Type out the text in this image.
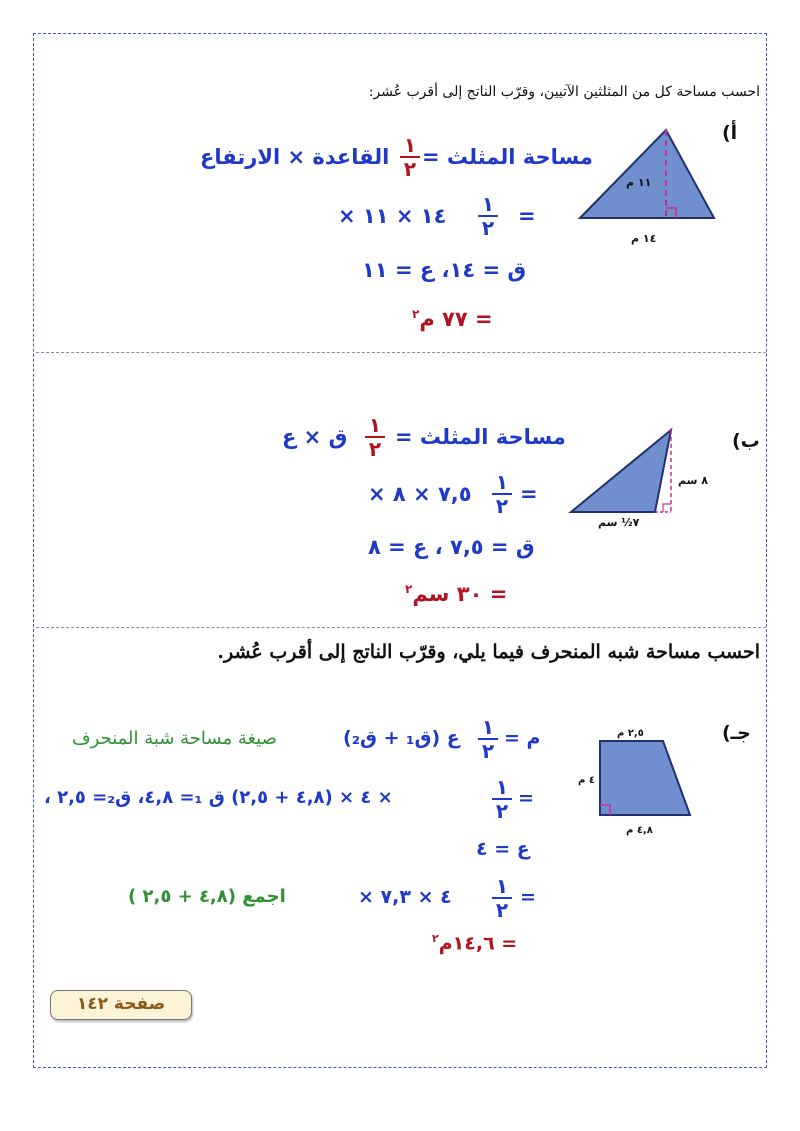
احسب مساحة كل من المثلثين الآتيين، وقرّب الناتج إلى أقرب عُشر:
أ)
١١ م
١٤ م
مساحة المثلث =
١
٢
القاعدة × الارتفاع
=
١
٢
× ١٤ × ١١
ق = ١٤، ع = ١١
= ٧٧ م$^٢$
ب)
٨ سم
٧½ سم
مساحة المثلث =
١
٢
ق × ع
=
١
٢
× ٧,٥ × ٨
ق = ٧,٥ ، ع = ٨
= ٣٠ سم$^٢$
احسب مساحة شبه المنحرف فيما يلي، وقرّب الناتج إلى أقرب عُشر.
جـ)
٢,٥ م
٤ م
٤,٨ م
م =
١
٢
ع (ق₁ + ق₂)
صيغة مساحة شبة المنحرف
=
١
٢
× ٤ × (٤,٨ + ٢,٥) ق ₁= ٤,٨، ق₂= ٢,٥ ،
ع = ٤
=
١
٢
× ٤ × ٧,٣
اجمع (٤,٨ + ٢,٥ )
= ١٤,٦م$^٢$
صفحة ١٤٢
